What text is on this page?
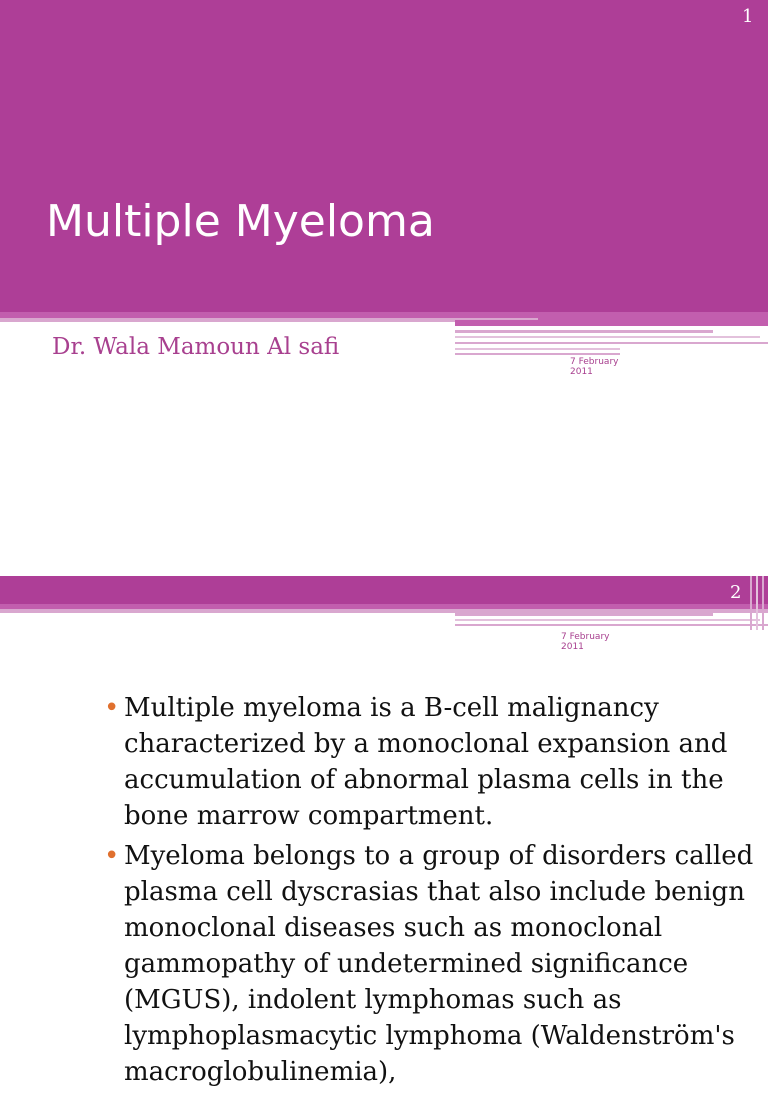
1
Multiple Myeloma
Dr. Wala Mamoun Al safi
7 February
2011
2
7 February
2011
• Multiple myeloma is a B-cell malignancy characterized by a monoclonal expansion and accumulation of abnormal plasma cells in the bone marrow compartment.
• Myeloma belongs to a group of disorders called plasma cell dyscrasias that also include benign monoclonal diseases such as monoclonal gammopathy of undetermined significance (MGUS), indolent lymphomas such as lymphoplasmacytic lymphoma (Waldenström's macroglobulinemia),
